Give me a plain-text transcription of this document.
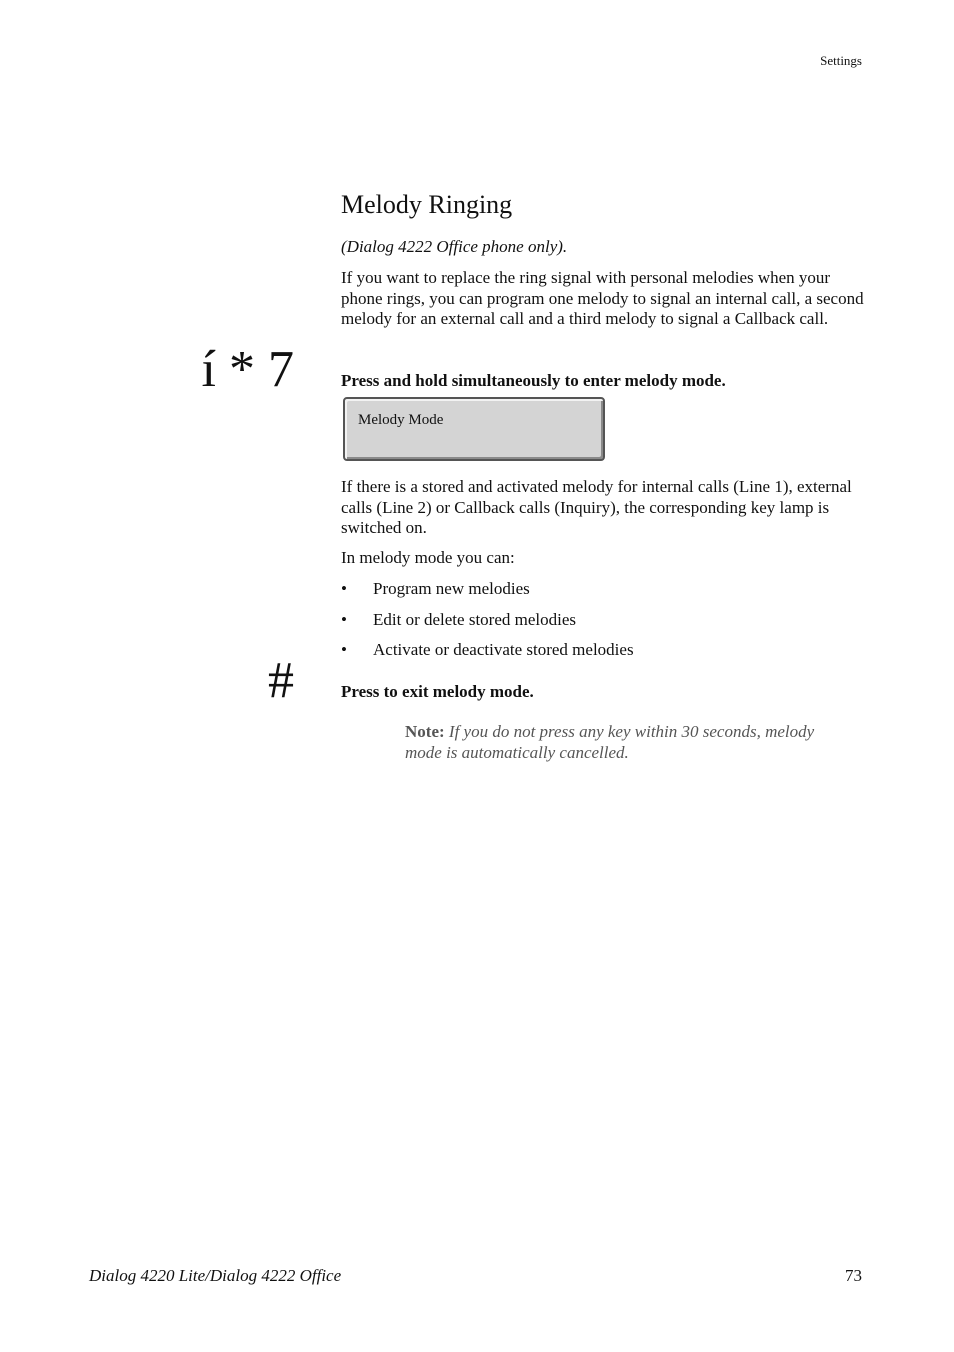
Settings
Melody Ringing
(Dialog 4222 Office phone only).
If you want to replace the ring signal with personal melodies when your phone rings, you can program one melody to signal an internal call, a second melody for an external call and a third melody to signal a Callback call.
í * 7	Press and hold simultaneously to enter melody mode.
Melody Mode
If there is a stored and activated melody for internal calls (Line 1), external calls (Line 2) or Callback calls (Inquiry), the corresponding key lamp is switched on.
In melody mode you can:
•	Program new melodies
•	Edit or delete stored melodies
•	Activate or deactivate stored melodies
#	Press to exit melody mode.
Note: If you do not press any key within 30 seconds, melody mode is automatically cancelled.
Dialog 4220 Lite/Dialog 4222 Office	73
